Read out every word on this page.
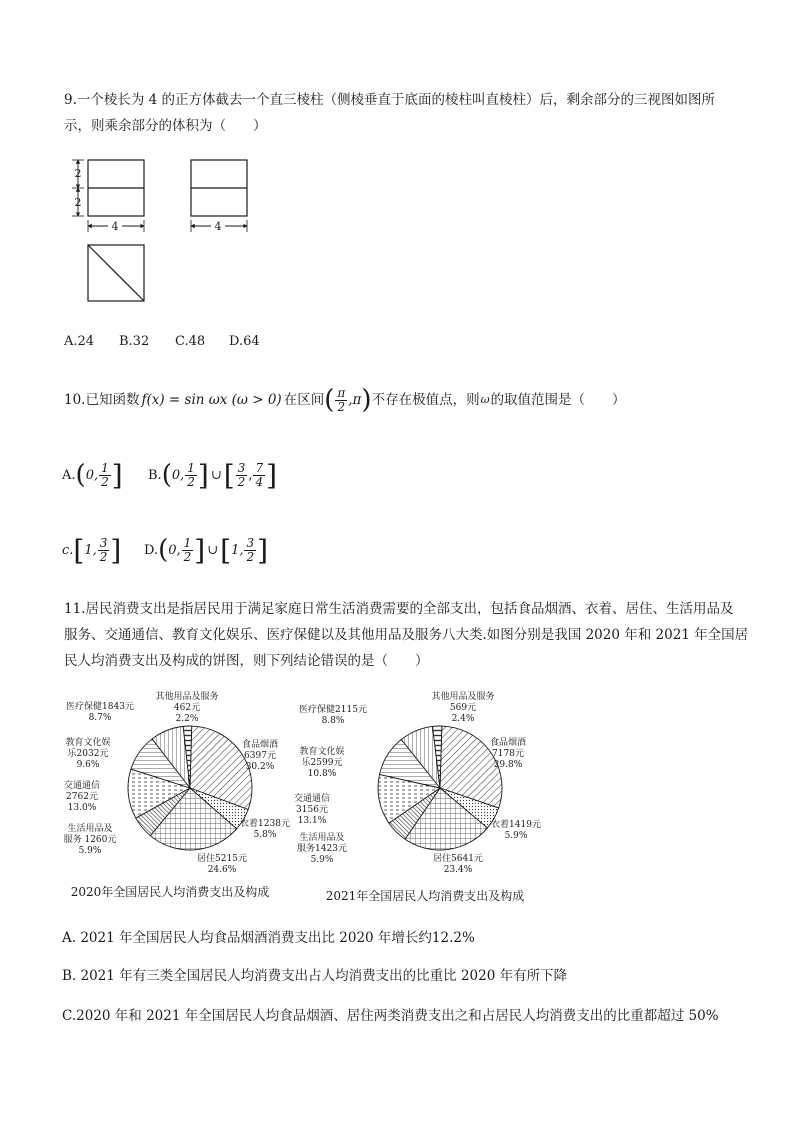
9.一个棱长为 4 的正方体截去一个直三棱柱（侧棱垂直于底面的棱柱叫直棱柱）后，剩余部分的三视图如图所
示，则乘余部分的体积为（　　）
2
2
4	4
A.24	B.32	C.48	D.64
10.已知函数 f(x) = sin ωx (ω > 0) 在区间 ( $\frac{\pi}{2} ,\pi$ ) 不存在极值点，则 ω 的取值范围是（　　）
A. ( 0, $\frac{1}{2}$ ] B. ( 0, $\frac{1}{2}$ ] ∪ [ $\frac{3}{2}$ , $\frac{7}{4}$ ]
c. [ 1, $\frac{3}{2}$ ] D. ( 0, $\frac{1}{2}$ ] ∪ [ 1, $\frac{3}{2}$ ]
11.居民消费支出是指居民用于满足家庭日常生活消费需要的全部支出，包括食品烟酒、衣着、居住、生活用品及
服务、交通通信、教育文化娱乐、医疗保健以及其他用品及服务八大类.如图分别是我国 2020 年和 2021 年全国居
民人均消费支出及构成的饼图，则下列结论错误的是（　　）
其他用品及服务
462元
2.2%
医疗保健1843元
8.7%
教育文化娱
乐2032元
9.6%
交通通信
2762元
13.0%
生活用品及
服务 1260元
5.9%
食品烟酒
6397元
30.2%
衣着1238元
5.8%
居住5215元
24.6%
其他用品及服务
569元
2.4%
医疗保健2115元
8.8%
教育文化娱
乐2599元
10.8%
交通通信
3156元
13.1%
生活用品及
服务1423元
5.9%
食品烟酒
7178元
29.8%
衣着1419元
5.9%
居住5641元
23.4%
2020年全国居民人均消费支出及构成	2021年全国居民人均消费支出及构成
A. 2021 年全国居民人均食品烟酒消费支出比 2020 年增长约12.2%
B. 2021 年有三类全国居民人均消费支出占人均消费支出的比重比 2020 年有所下降
C.2020 年和 2021 年全国居民人均食品烟酒、居住两类消费支出之和占居民人均消费支出的比重都超过 50%
